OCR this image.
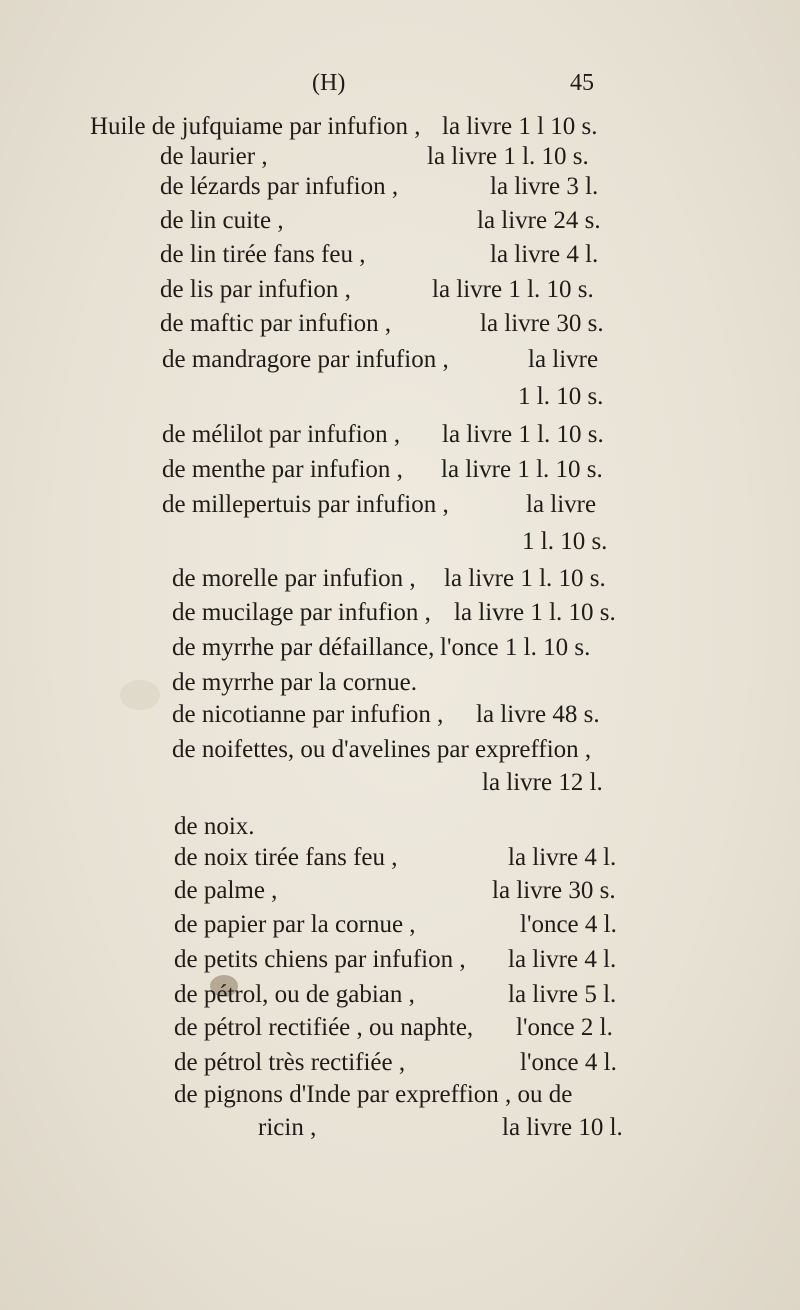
(H)	45
Huile de jufquiame par infufion , la livre 1 l 10 s.
de laurier ,	la livre 1 l. 10 s.
de lézards par infufion ,	la livre 3 l.
de lin cuite ,	la livre 24 s.
de lin tirée fans feu ,	la livre 4 l.
de lis par infufion ,	la livre 1 l. 10 s.
de maftic par infufion ,	la livre 30 s.
de mandragore par infufion ,	la livre
1 l. 10 s.
de mélilot par infufion , la livre 1 l. 10 s.
de menthe par infufion , la livre 1 l. 10 s.
de millepertuis par infufion ,	la livre
1 l. 10 s.
de morelle par infufion , la livre 1 l. 10 s.
de mucilage par infufion , la livre 1 l. 10 s.
de myrrhe par défaillance, l'once 1 l. 10 s.
de myrrhe par la cornue.
de nicotianne par infufion , la livre 48 s.
de noifettes, ou d'avelines par expreffion ,
la livre 12 l.
de noix.
de noix tirée fans feu ,	la livre 4 l.
de palme ,	la livre 30 s.
de papier par la cornue ,	l'once 4 l.
de petits chiens par infufion , la livre 4 l.
de pétrol, ou de gabian ,	la livre 5 l.
de pétrol rectifiée , ou naphte, l'once 2 l.
de pétrol très rectifiée ,	l'once 4 l.
de pignons d'Inde par expreffion , ou de
ricin ,	la livre 10 l.
